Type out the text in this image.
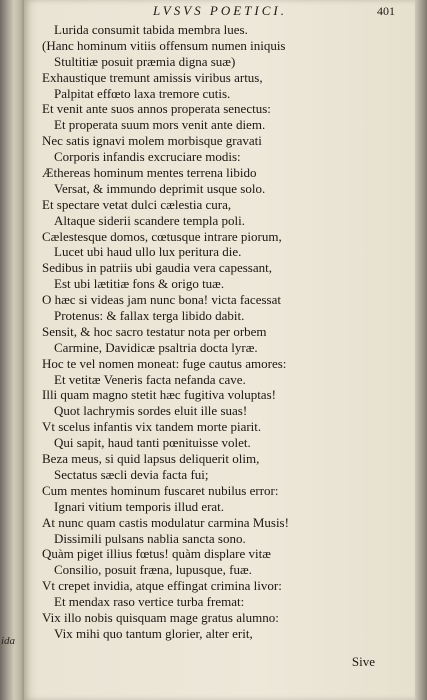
ida
LVSVS POETICI.	401
Lurida consumit tabida membra lues.
(Hanc hominum vitiis offensum numen iniquis
Stultitiæ posuit præmia digna suæ)
Exhaustique tremunt amissis viribus artus,
Palpitat effœto laxa tremore cutis.
Et venit ante suos annos properata senectus:
Et properata suum mors venit ante diem.
Nec satis ignavi molem morbisque gravati
Corporis infandis excruciare modis:
Æthereas hominum mentes terrena libido
Versat, & immundo deprimit usque solo.
Et spectare vetat dulci cælestia cura,
Altaque siderii scandere templa poli.
Cælestesque domos, cœtusque intrare piorum,
Lucet ubi haud ullo lux peritura die.
Sedibus in patriis ubi gaudia vera capessant,
Est ubi lætitiæ fons & origo tuæ.
O hæc si videas jam nunc bona! victa facessat
Protenus: & fallax terga libido dabit.
Sensit, & hoc sacro testatur nota per orbem
Carmine, Davidicæ psaltria docta lyræ.
Hoc te vel nomen moneat: fuge cautus amores:
Et vetitæ Veneris facta nefanda cave.
Illi quam magno stetit hæc fugitiva voluptas!
Quot lachrymis sordes eluit ille suas!
Vt scelus infantis vix tandem morte piarit.
Qui sapit, haud tanti pœnituisse volet.
Beza meus, si quid lapsus deliquerit olim,
Sectatus sæcli devia facta fui;
Cum mentes hominum fuscaret nubilus error:
Ignari vitium temporis illud erat.
At nunc quam castis modulatur carmina Musis!
Dissimili pulsans nablia sancta sono.
Quàm piget illius fœtus! quàm displare vitæ
Consilio, posuit fræna, lupusque, fuæ.
Vt crepet invidia, atque effingat crimina livor:
Et mendax raso vertice turba fremat:
Vix illo nobis quisquam mage gratus alumno:
Vix mihi quo tantum glorier, alter erit,
Sive
